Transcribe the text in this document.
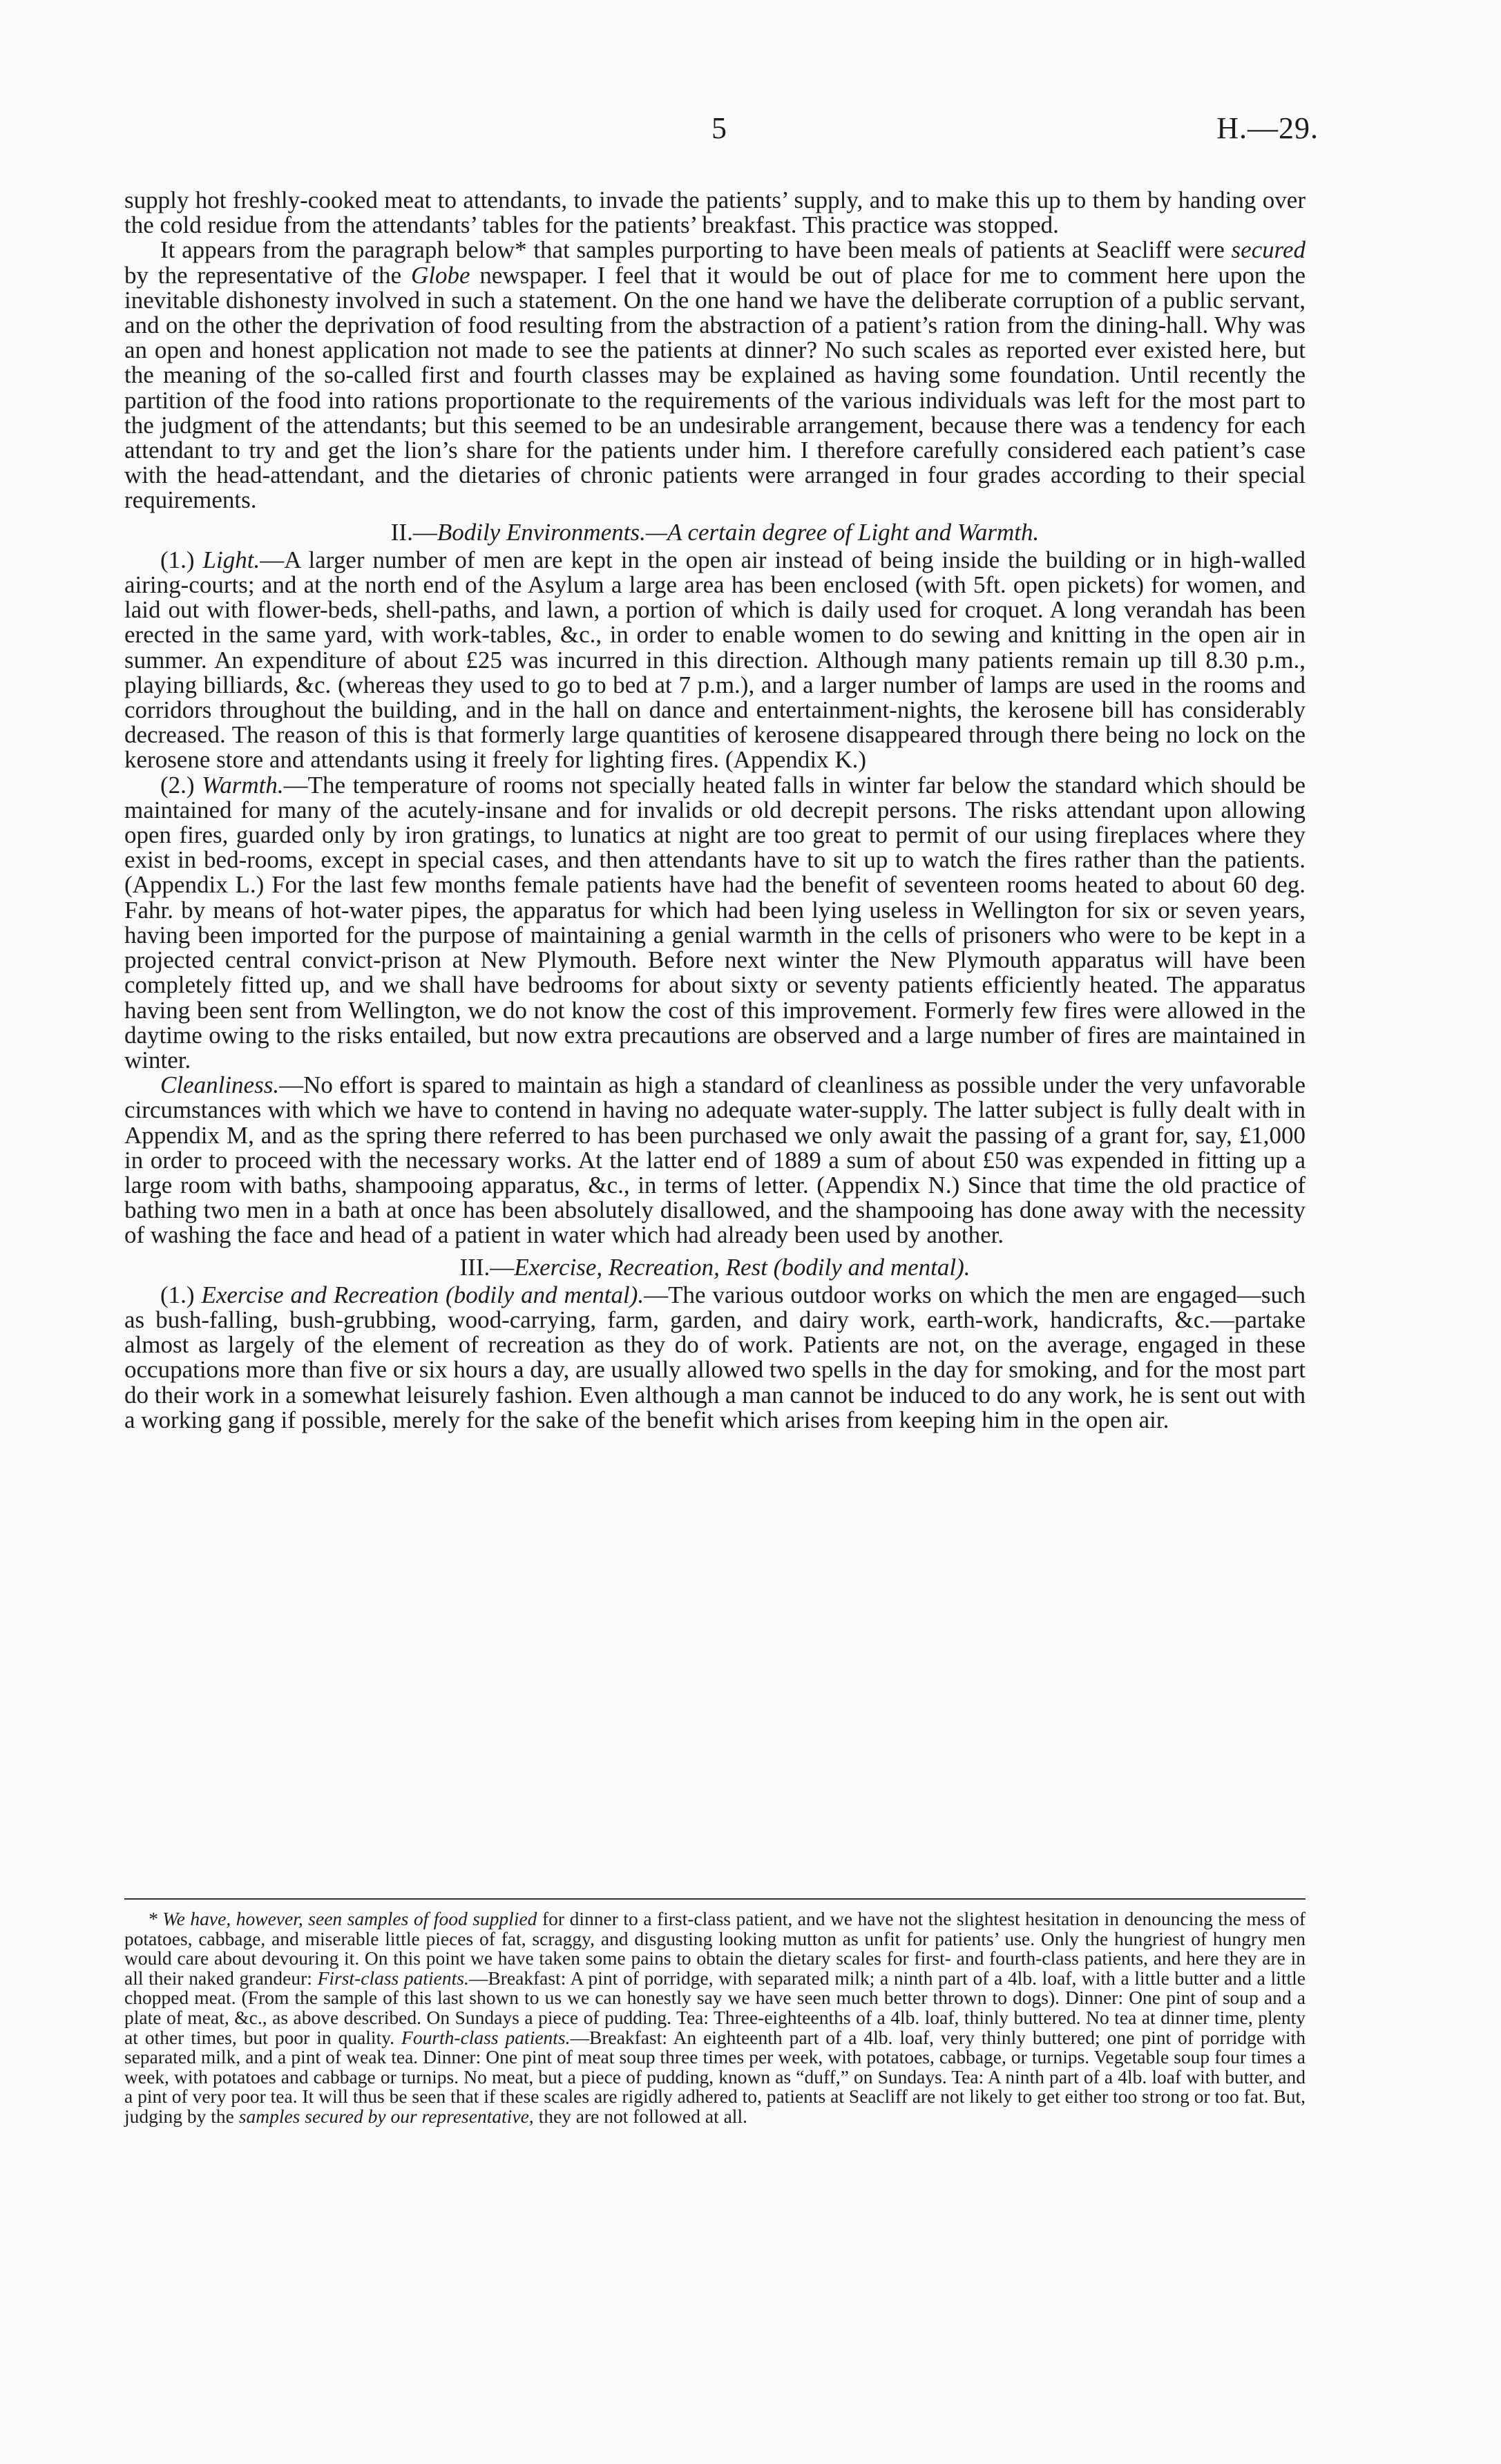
5	H.—29.

supply hot freshly-cooked meat to attendants, to invade the patients’ supply, and to make this up to them by handing over the cold residue from the attendants’ tables for the patients’ breakfast. This practice was stopped.

It appears from the paragraph below* that samples purporting to have been meals of patients at Seacliff were secured by the representative of the Globe newspaper. I feel that it would be out of place for me to comment here upon the inevitable dishonesty involved in such a statement. On the one hand we have the deliberate corruption of a public servant, and on the other the deprivation of food resulting from the abstraction of a patient’s ration from the dining-hall. Why was an open and honest application not made to see the patients at dinner? No such scales as reported ever existed here, but the meaning of the so-called first and fourth classes may be explained as having some foundation. Until recently the partition of the food into rations proportionate to the requirements of the various individuals was left for the most part to the judgment of the attendants; but this seemed to be an undesirable arrangement, because there was a tendency for each attendant to try and get the lion’s share for the patients under him. I therefore carefully considered each patient’s case with the head-attendant, and the dietaries of chronic patients were arranged in four grades according to their special requirements.

II.—Bodily Environments.—A certain degree of Light and Warmth.

(1.) Light.—A larger number of men are kept in the open air instead of being inside the building or in high-walled airing-courts; and at the north end of the Asylum a large area has been enclosed (with 5ft. open pickets) for women, and laid out with flower-beds, shell-paths, and lawn, a portion of which is daily used for croquet. A long verandah has been erected in the same yard, with work-tables, &c., in order to enable women to do sewing and knitting in the open air in summer. An expenditure of about £25 was incurred in this direction. Although many patients remain up till 8.30 p.m., playing billiards, &c. (whereas they used to go to bed at 7 p.m.), and a larger number of lamps are used in the rooms and corridors throughout the building, and in the hall on dance and entertainment-nights, the kerosene bill has considerably decreased. The reason of this is that formerly large quantities of kerosene disappeared through there being no lock on the kerosene store and attendants using it freely for lighting fires. (Appendix K.)

(2.) Warmth.—The temperature of rooms not specially heated falls in winter far below the standard which should be maintained for many of the acutely-insane and for invalids or old decrepit persons. The risks attendant upon allowing open fires, guarded only by iron gratings, to lunatics at night are too great to permit of our using fireplaces where they exist in bed-rooms, except in special cases, and then attendants have to sit up to watch the fires rather than the patients. (Appendix L.) For the last few months female patients have had the benefit of seventeen rooms heated to about 60 deg. Fahr. by means of hot-water pipes, the apparatus for which had been lying useless in Wellington for six or seven years, having been imported for the purpose of maintaining a genial warmth in the cells of prisoners who were to be kept in a projected central convict-prison at New Plymouth. Before next winter the New Plymouth apparatus will have been completely fitted up, and we shall have bedrooms for about sixty or seventy patients efficiently heated. The apparatus having been sent from Wellington, we do not know the cost of this improvement. Formerly few fires were allowed in the daytime owing to the risks entailed, but now extra precautions are observed and a large number of fires are maintained in winter.

Cleanliness.—No effort is spared to maintain as high a standard of cleanliness as possible under the very unfavorable circumstances with which we have to contend in having no adequate water-supply. The latter subject is fully dealt with in Appendix M, and as the spring there referred to has been purchased we only await the passing of a grant for, say, £1,000 in order to proceed with the necessary works. At the latter end of 1889 a sum of about £50 was expended in fitting up a large room with baths, shampooing apparatus, &c., in terms of letter. (Appendix N.) Since that time the old practice of bathing two men in a bath at once has been absolutely disallowed, and the shampooing has done away with the necessity of washing the face and head of a patient in water which had already been used by another.

III.—Exercise, Recreation, Rest (bodily and mental).

(1.) Exercise and Recreation (bodily and mental).—The various outdoor works on which the men are engaged—such as bush-falling, bush-grubbing, wood-carrying, farm, garden, and dairy work, earth-work, handicrafts, &c.—partake almost as largely of the element of recreation as they do of work. Patients are not, on the average, engaged in these occupations more than five or six hours a day, are usually allowed two spells in the day for smoking, and for the most part do their work in a somewhat leisurely fashion. Even although a man cannot be induced to do any work, he is sent out with a working gang if possible, merely for the sake of the benefit which arises from keeping him in the open air.

* We have, however, seen samples of food supplied for dinner to a first-class patient, and we have not the slightest hesitation in denouncing the mess of potatoes, cabbage, and miserable little pieces of fat, scraggy, and disgusting looking mutton as unfit for patients’ use. Only the hungriest of hungry men would care about devouring it. On this point we have taken some pains to obtain the dietary scales for first- and fourth-class patients, and here they are in all their naked grandeur: First-class patients.—Breakfast: A pint of porridge, with separated milk; a ninth part of a 4lb. loaf, with a little butter and a little chopped meat. (From the sample of this last shown to us we can honestly say we have seen much better thrown to dogs). Dinner: One pint of soup and a plate of meat, &c., as above described. On Sundays a piece of pudding. Tea: Three-eighteenths of a 4lb. loaf, thinly buttered. No tea at dinner time, plenty at other times, but poor in quality. Fourth-class patients.—Breakfast: An eighteenth part of a 4lb. loaf, very thinly buttered; one pint of porridge with separated milk, and a pint of weak tea. Dinner: One pint of meat soup three times per week, with potatoes, cabbage, or turnips. Vegetable soup four times a week, with potatoes and cabbage or turnips. No meat, but a piece of pudding, known as “duff,” on Sundays. Tea: A ninth part of a 4lb. loaf with butter, and a pint of very poor tea. It will thus be seen that if these scales are rigidly adhered to, patients at Seacliff are not likely to get either too strong or too fat. But, judging by the samples secured by our representative, they are not followed at all.
